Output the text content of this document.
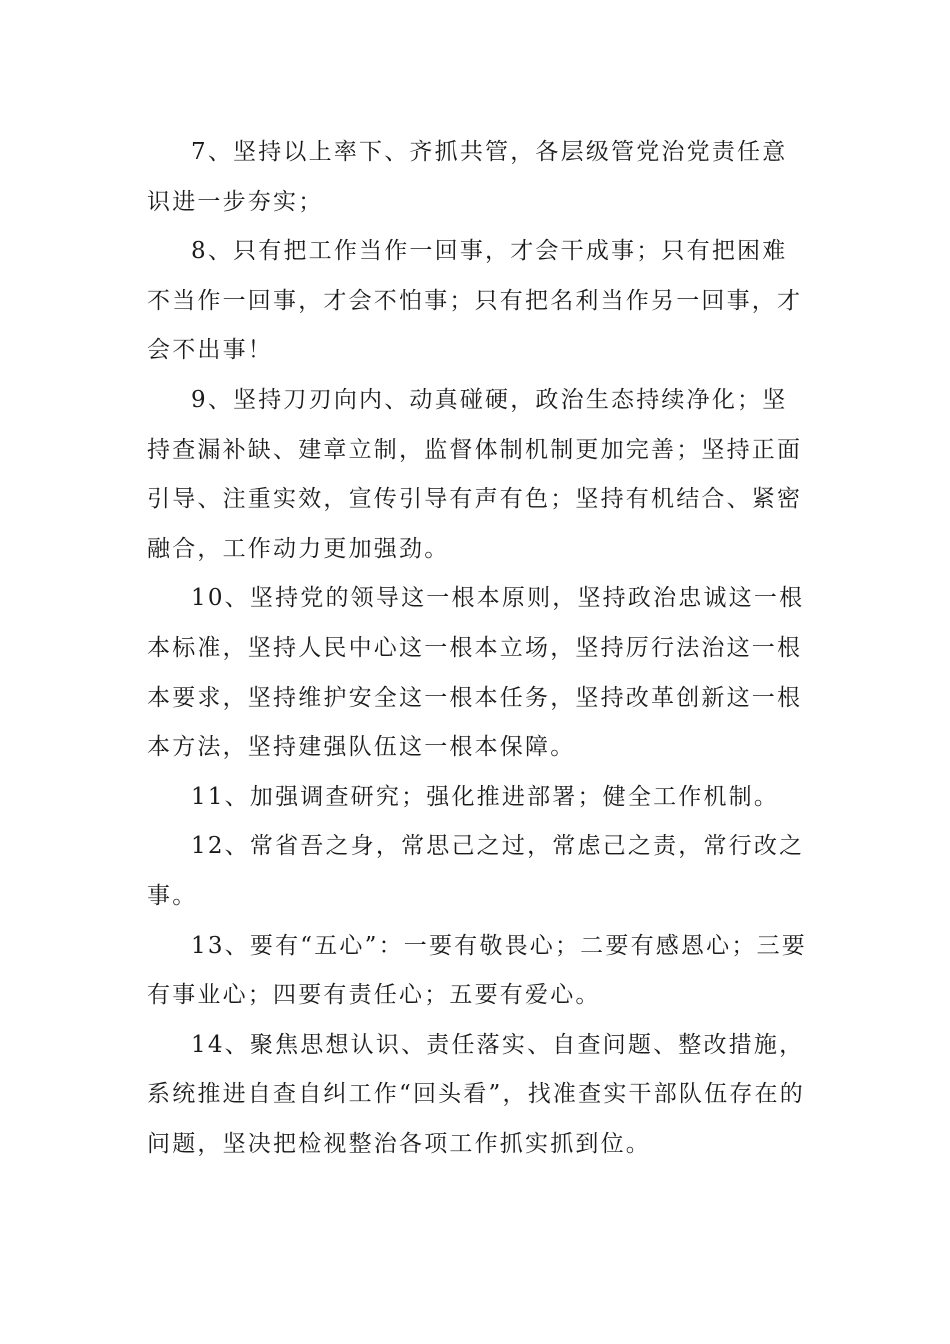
7、坚持以上率下、齐抓共管，各层级管党治党责任意识进一步夯实；

8、只有把工作当作一回事，才会干成事；只有把困难不当作一回事，才会不怕事；只有把名利当作另一回事，才会不出事！

9、坚持刀刃向内、动真碰硬，政治生态持续净化；坚持查漏补缺、建章立制，监督体制机制更加完善；坚持正面引导、注重实效，宣传引导有声有色；坚持有机结合、紧密融合，工作动力更加强劲。

10、坚持党的领导这一根本原则，坚持政治忠诚这一根本标准，坚持人民中心这一根本立场，坚持厉行法治这一根本要求，坚持维护安全这一根本任务，坚持改革创新这一根本方法，坚持建强队伍这一根本保障。

11、加强调查研究；强化推进部署；健全工作机制。

12、常省吾之身，常思己之过，常虑己之责，常行改之事。

13、要有“五心”：一要有敬畏心；二要有感恩心；三要有事业心；四要有责任心；五要有爱心。

14、聚焦思想认识、责任落实、自查问题、整改措施，系统推进自查自纠工作“回头看”，找准查实干部队伍存在的问题，坚决把检视整治各项工作抓实抓到位。
